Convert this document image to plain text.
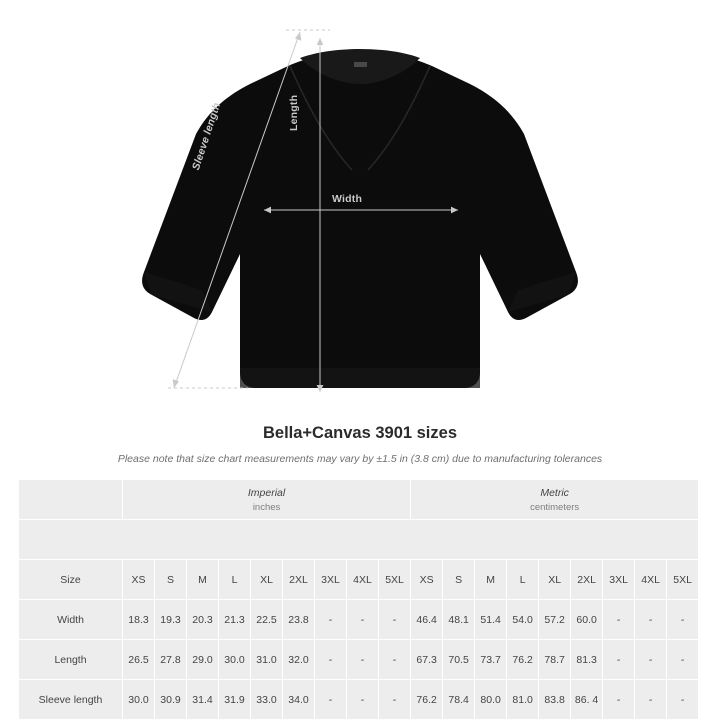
Width
Length
Sleeve length
Bella+Canvas 3901 sizes

Please note that size chart measurements may vary by ±1.5 in (3.8 cm) due to manufacturing tolerances

	Imperial
inches									Metric
centimeters								

Size	XS	S	M	L	XL	2XL	3XL	4XL	5XL	XS	S	M	L	XL	2XL	3XL	4XL	5XL
Width	18.3	19.3	20.3	21.3	22.5	23.8	-	-	-	46.4	48.1	51.4	54.0	57.2	60.0	-	-	-
Length	26.5	27.8	29.0	30.0	31.0	32.0	-	-	-	67.3	70.5	73.7	76.2	78.7	81.3	-	-	-
Sleeve length	30.0	30.9	31.4	31.9	33.0	34.0	-	-	-	76.2	78.4	80.0	81.0	83.8	86. 4	-	-	-
